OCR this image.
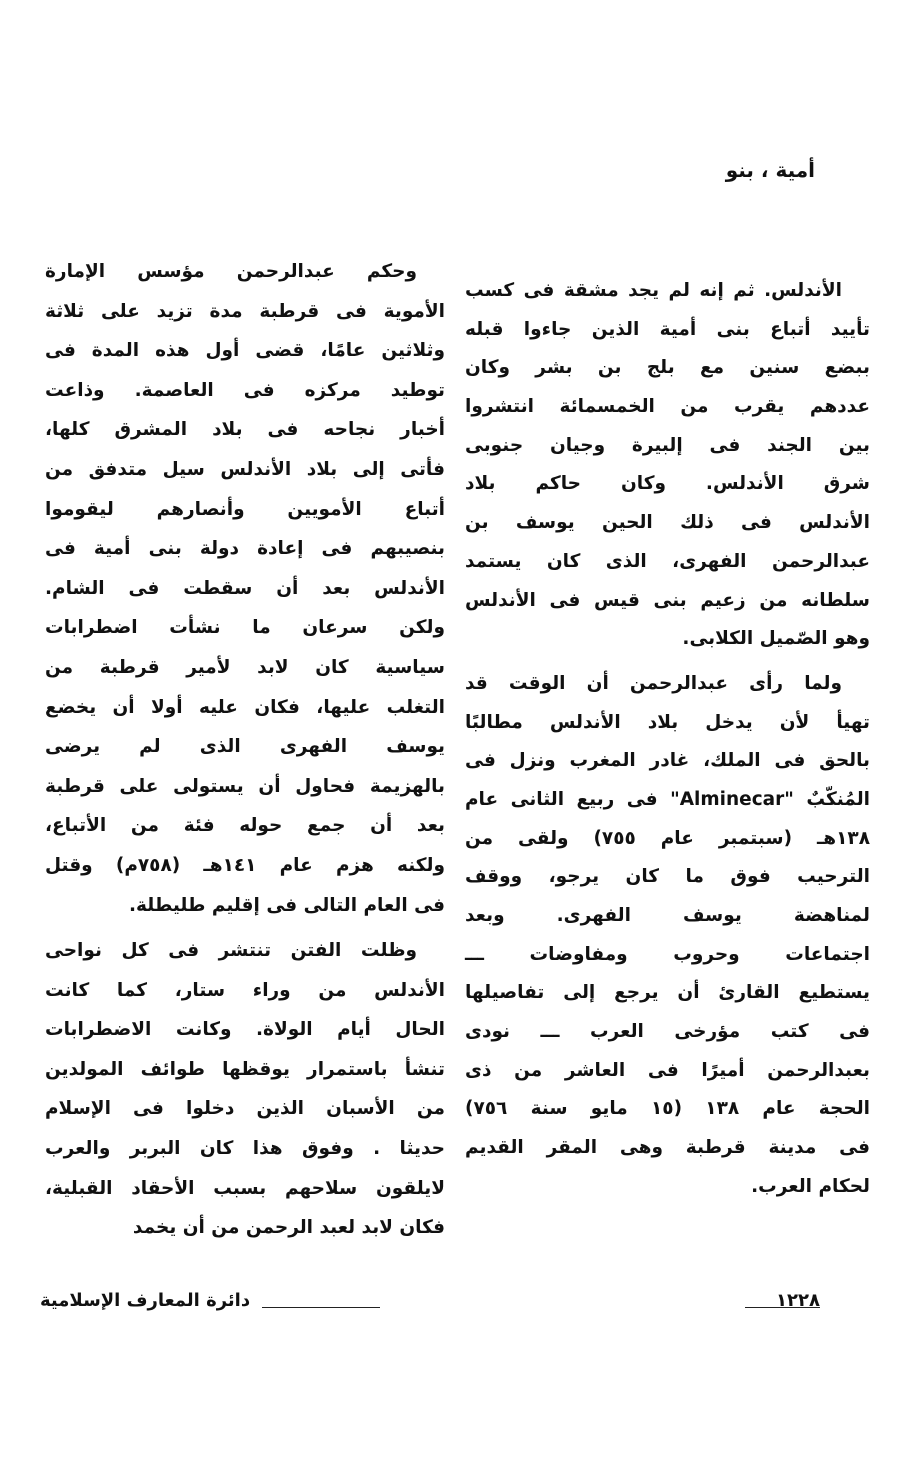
أمية ، بنو
الأندلس. ثم إنه لم يجد مشقة فى كسب
تأييد أتباع بنى أمية الذين جاءوا قبله
ببضع سنين مع بلج بن بشر وكان
عددهم يقرب من الخمسمائة انتشروا
بين الجند فى إلبيرة وجيان جنوبى
شرق الأندلس. وكان حاكم بلاد
الأندلس فى ذلك الحين يوسف بن
عبدالرحمن الفهرى، الذى كان يستمد
سلطانه من زعيم بنى قيس فى الأندلس
وهو الصّميل الكلابى.
ولما رأى عبدالرحمن أن الوقت قد
تهيأ لأن يدخل بلاد الأندلس مطالبًا
بالحق فى الملك، غادر المغرب ونزل فى
المُنكّبٌ "Alminecar" فى ربيع الثانى عام
١٣٨هـ (سبتمبر عام ٧٥٥) ولقى من
الترحيب فوق ما كان يرجو، ووقف
لمناهضة يوسف الفهرى. وبعد
اجتماعات وحروب ومفاوضات ـــ
يستطيع القارئ أن يرجع إلى تفاصيلها
فى كتب مؤرخى العرب ـــ نودى
بعبدالرحمن أميرًا فى العاشر من ذى
الحجة عام ١٣٨ (١٥ مايو سنة ٧٥٦)
فى مدينة قرطبة وهى المقر القديم
لحكام العرب.
وحكم عبدالرحمن مؤسس الإمارة
الأموية فى قرطبة مدة تزيد على ثلاثة
وثلاثين عامًا، قضى أول هذه المدة فى
توطيد مركزه فى العاصمة. وذاعت
أخبار نجاحه فى بلاد المشرق كلها،
فأتى إلى بلاد الأندلس سيل متدفق من
أتباع الأمويين وأنصارهم ليقوموا
بنصيبهم فى إعادة دولة بنى أمية فى
الأندلس بعد أن سقطت فى الشام.
ولكن سرعان ما نشأت اضطرابات
سياسية كان لابد لأمير قرطبة من
التغلب عليها، فكان عليه أولا أن يخضع
يوسف الفهرى الذى لم يرضى
بالهزيمة فحاول أن يستولى على قرطبة
بعد أن جمع حوله فئة من الأتباع،
ولكنه هزم عام ١٤١هـ (٧٥٨م) وقتل
فى العام التالى فى إقليم طليطلة.
وظلت الفتن تنتشر فى كل نواحى
الأندلس من وراء ستار، كما كانت
الحال أيام الولاة. وكانت الاضطرابات
تنشأ باستمرار يوقظها طوائف المولدين
من الأسبان الذين دخلوا فى الإسلام
حديثا . وفوق هذا كان البربر والعرب
لايلقون سلاحهم بسبب الأحقاد القبلية،
فكان لابد لعبد الرحمن من أن يخمد
١٢٢٨
دائرة المعارف الإسلامية
